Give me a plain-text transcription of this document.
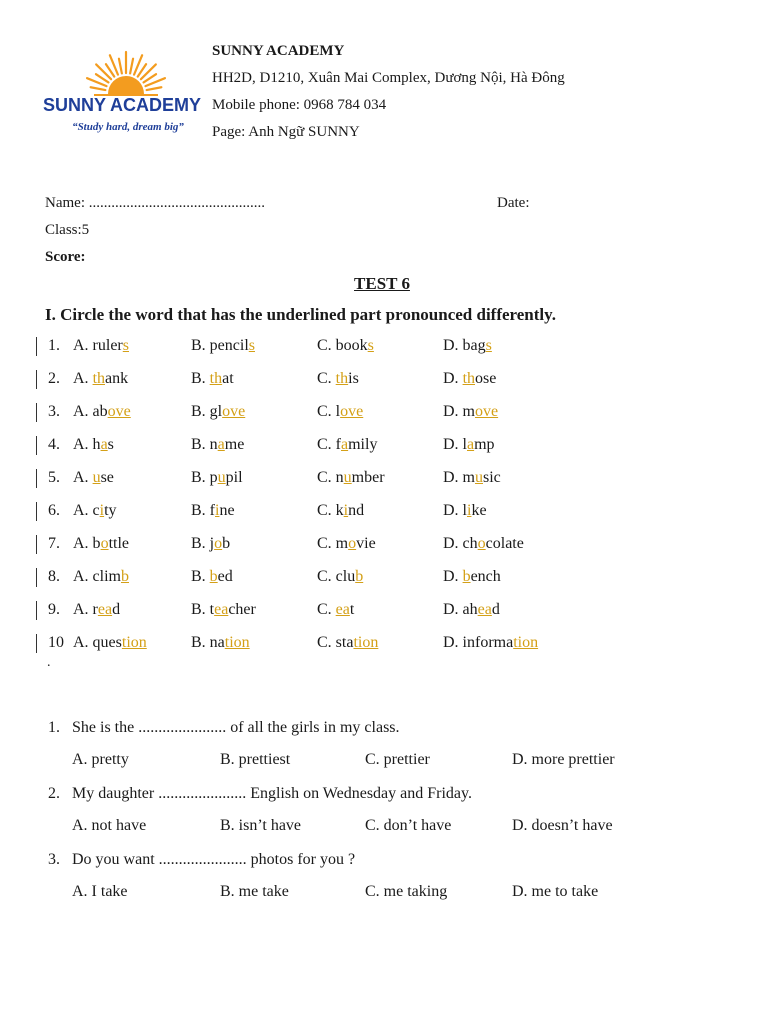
SUNNY ACADEMY
“Study hard, dream big”
SUNNY ACADEMY
HH2D, D1210, Xuân Mai Complex, Dương Nội, Hà Đông
Mobile phone: 0968 784 034
Page: Anh Ngữ SUNNY
Name: ...............................................	Date:
Class:5
Score:
TEST 6
I. Circle the word that has the underlined part pronounced differently.
1. A. rulers	B. pencils	C. books	D. bags
2. A. thank	B. that	C. this	D. those
3. A. above	B. glove	C. love	D. move
4. A. has	B. name	C. family	D. lamp
5. A. use	B. pupil	C. number	D. music
6. A. city	B. fine	C. kind	D. like
7. A. bottle	B. job	C. movie	D. chocolate
8. A. climb	B. bed	C. club	D. bench
9. A. read	B. teacher	C. eat	D. ahead
10 A. question	B. nation	C. station	D. information
.
1. She is the ...................... of all the girls in my class.
A. pretty	B. prettiest	C. prettier	D. more prettier
2. My daughter ...................... English on Wednesday and Friday.
A. not have	B. isn’t have	C. don’t have	D. doesn’t have
3. Do you want ...................... photos for you ?
A. I take	B. me take	C. me taking	D. me to take
